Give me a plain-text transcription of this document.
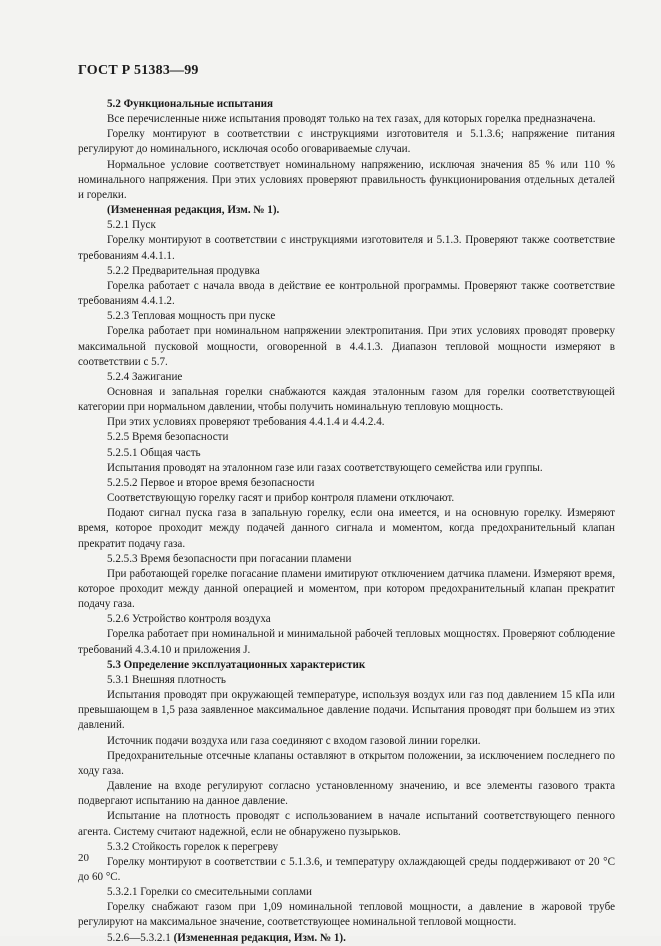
ГОСТ Р 51383—99

5.2 Функциональные испытания

Все перечисленные ниже испытания проводят только на тех газах, для которых горелка предназначена.

Горелку монтируют в соответствии с инструкциями изготовителя и 5.1.3.6; напряжение питания регулируют до номинального, исключая особо оговариваемые случаи.

Нормальное условие соответствует номинальному напряжению, исключая значения 85 % или 110 % номинального напряжения. При этих условиях проверяют правильность функционирования отдельных деталей и горелки.

(Измененная редакция, Изм. № 1).

5.2.1 Пуск

Горелку монтируют в соответствии с инструкциями изготовителя и 5.1.3. Проверяют также соответствие требованиям 4.4.1.1.

5.2.2 Предварительная продувка

Горелка работает с начала ввода в действие ее контрольной программы. Проверяют также соответствие требованиям 4.4.1.2.

5.2.3 Тепловая мощность при пуске

Горелка работает при номинальном напряжении электропитания. При этих условиях проводят проверку максимальной пусковой мощности, оговоренной в 4.4.1.3. Диапазон тепловой мощности измеряют в соответствии с 5.7.

5.2.4 Зажигание

Основная и запальная горелки снабжаются каждая эталонным газом для горелки соответствующей категории при нормальном давлении, чтобы получить номинальную тепловую мощность.

При этих условиях проверяют требования 4.4.1.4 и 4.4.2.4.

5.2.5 Время безопасности

5.2.5.1 Общая часть

Испытания проводят на эталонном газе или газах соответствующего семейства или группы.

5.2.5.2 Первое и второе время безопасности

Соответствующую горелку гасят и прибор контроля пламени отключают.

Подают сигнал пуска газа в запальную горелку, если она имеется, и на основную горелку. Измеряют время, которое проходит между подачей данного сигнала и моментом, когда предохранительный клапан прекратит подачу газа.

5.2.5.3 Время безопасности при погасании пламени

При работающей горелке погасание пламени имитируют отключением датчика пламени. Измеряют время, которое проходит между данной операцией и моментом, при котором предохранительный клапан прекратит подачу газа.

5.2.6 Устройство контроля воздуха

Горелка работает при номинальной и минимальной рабочей тепловых мощностях. Проверяют соблюдение требований 4.3.4.10 и приложения J.

5.3 Определение эксплуатационных характеристик

5.3.1 Внешняя плотность

Испытания проводят при окружающей температуре, используя воздух или газ под давлением 15 кПа или превышающем в 1,5 раза заявленное максимальное давление подачи. Испытания проводят при большем из этих давлений.

Источник подачи воздуха или газа соединяют с входом газовой линии горелки.

Предохранительные отсечные клапаны оставляют в открытом положении, за исключением последнего по ходу газа.

Давление на входе регулируют согласно установленному значению, и все элементы газового тракта подвергают испытанию на данное давление.

Испытание на плотность проводят с использованием в начале испытаний соответствующего пенного агента. Систему считают надежной, если не обнаружено пузырьков.

5.3.2 Стойкость горелок к перегреву

Горелку монтируют в соответствии с 5.1.3.6, и температуру охлаждающей среды поддерживают от 20 °С до 60 °С.

5.3.2.1 Горелки со смесительными соплами

Горелку снабжают газом при 1,09 номинальной тепловой мощности, а давление в жаровой трубе регулируют на максимальное значение, соответствующее номинальной тепловой мощности.

5.2.6—5.3.2.1 (Измененная редакция, Изм. № 1).

20
